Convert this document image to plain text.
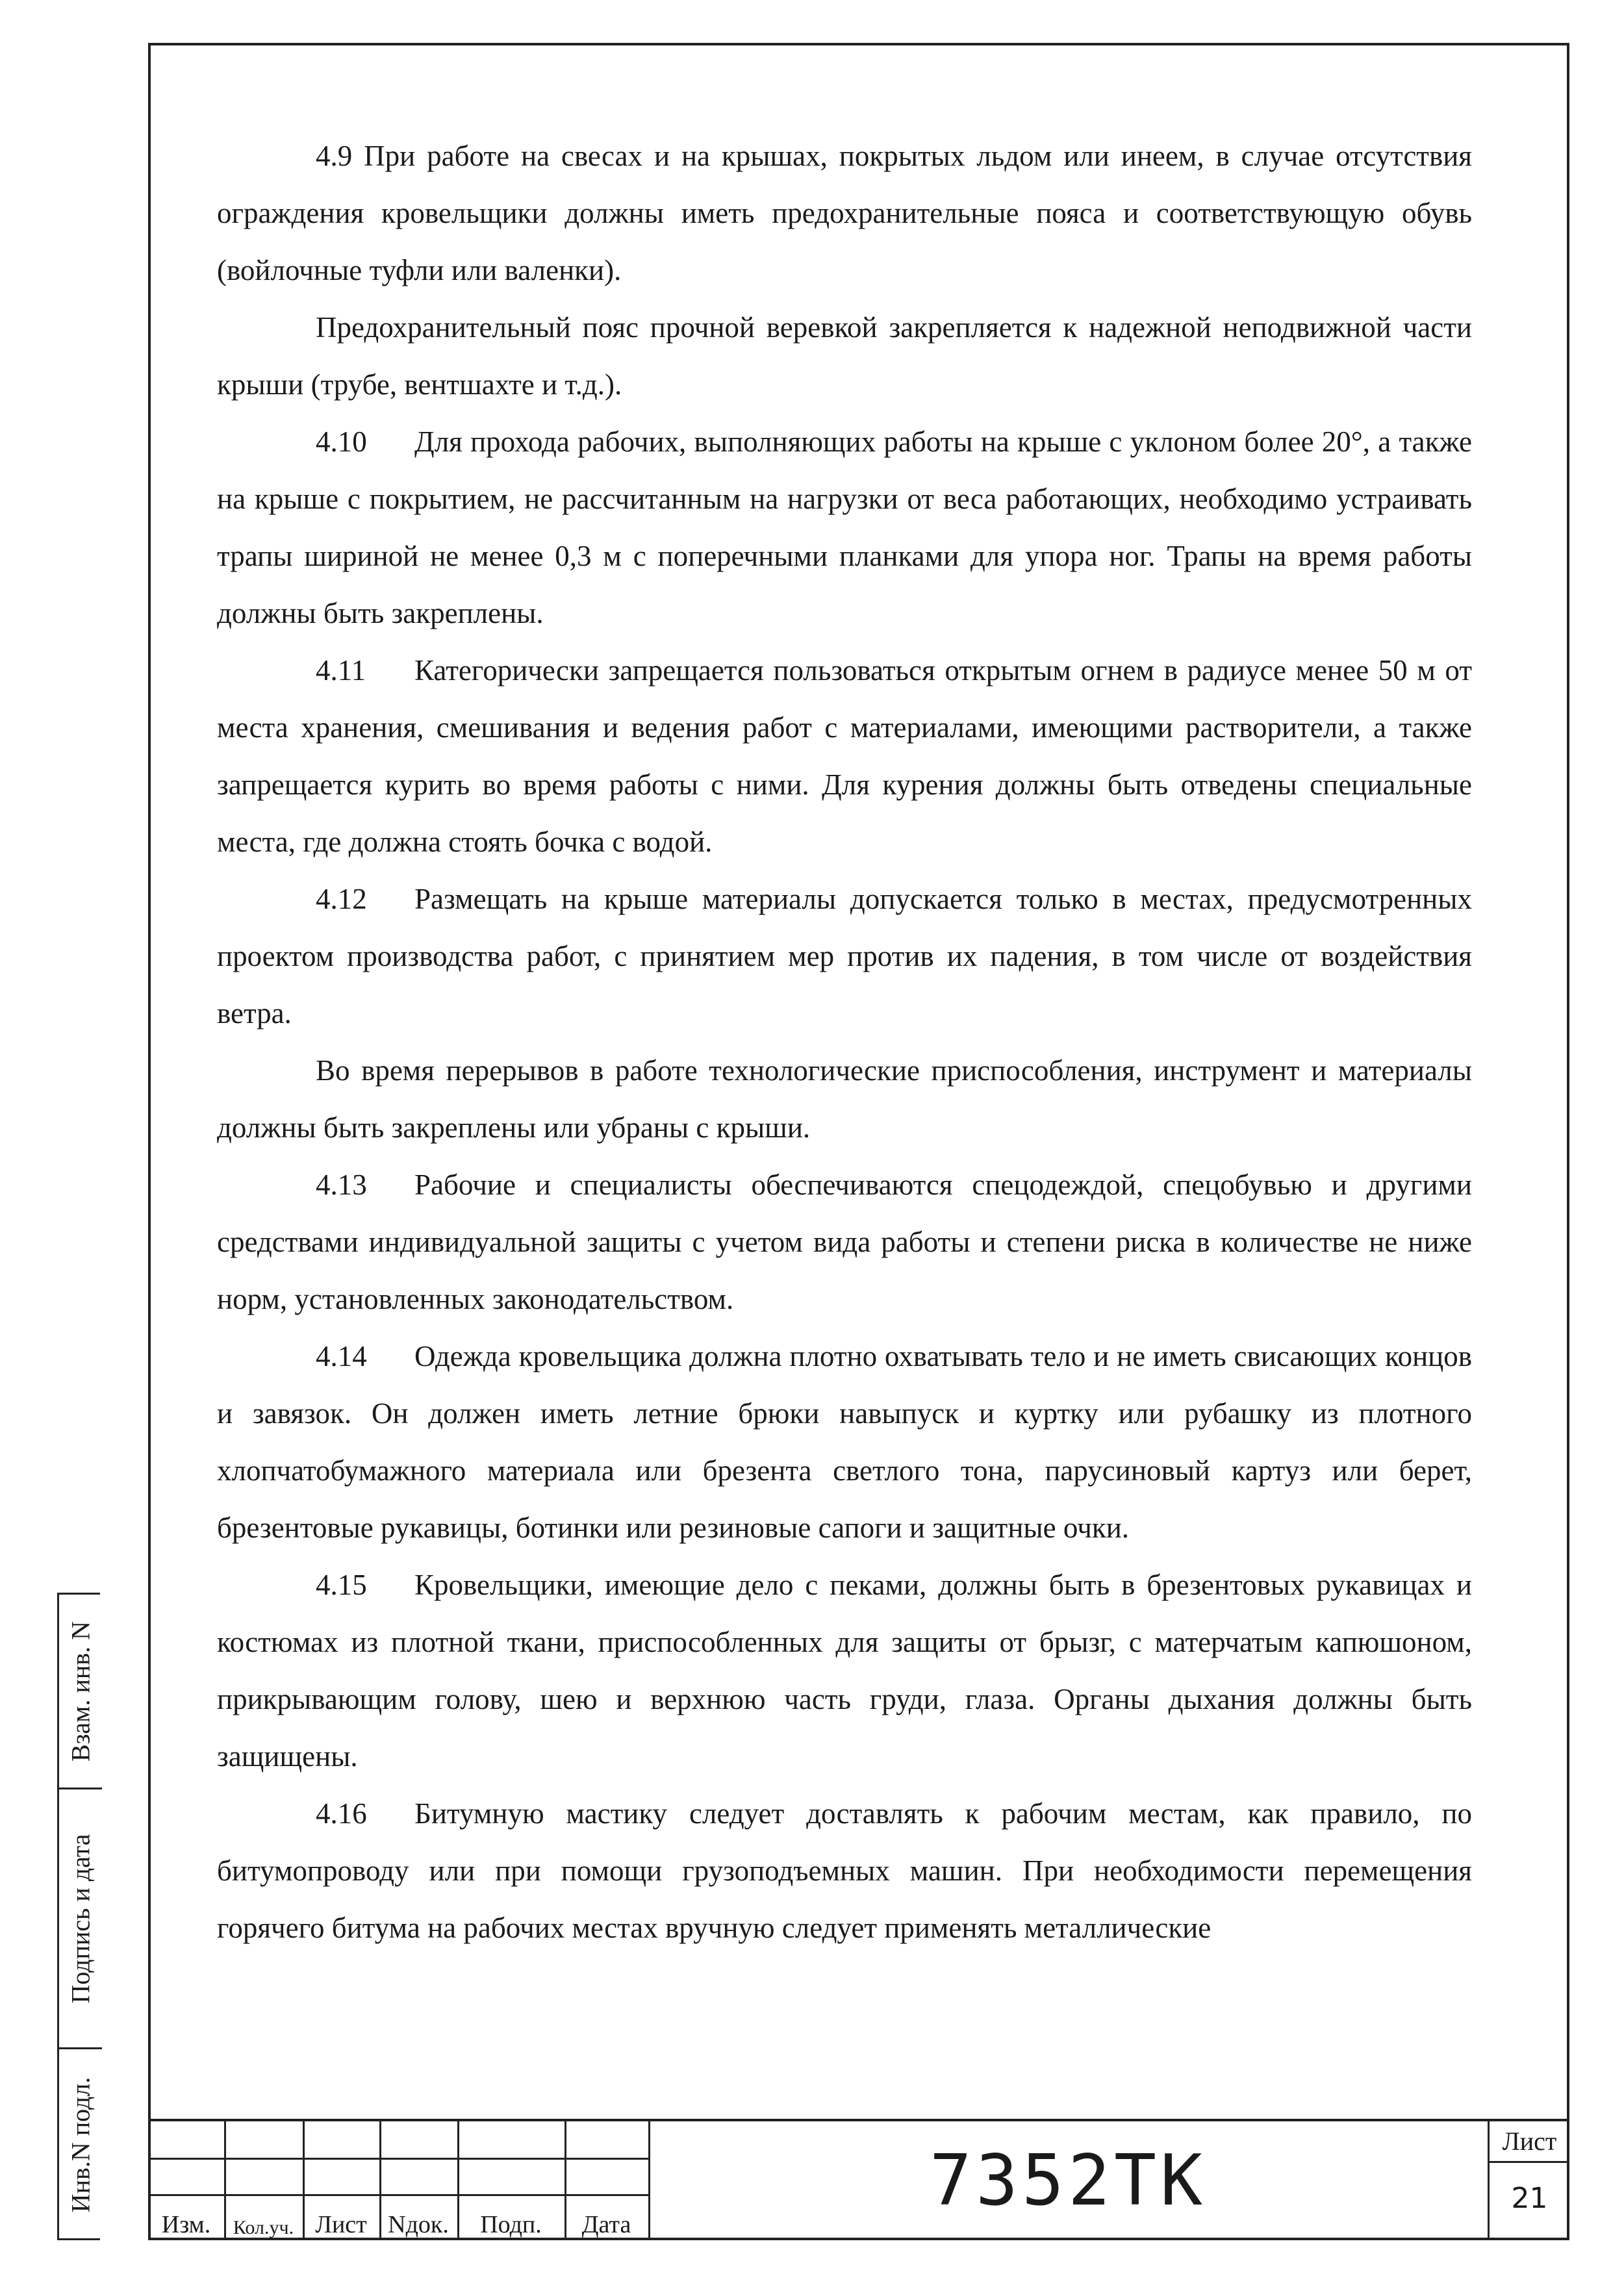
4.9 При работе на свесах и на крышах, покрытых льдом или инеем, в случае отсутствия ограждения кровельщики должны иметь предохранительные пояса и соответствующую обувь (войлочные туфли или валенки).

Предохранительный пояс прочной веревкой закрепляется к надежной неподвижной части крыши (трубе, вентшахте и т.д.).

4.10 Для прохода рабочих, выполняющих работы на крыше с уклоном более 20°, а также на крыше с покрытием, не рассчитанным на нагрузки от веса работающих, необходимо устраивать трапы шириной не менее 0,3 м с поперечными планками для упора ног. Трапы на время работы должны быть закреплены.

4.11 Категорически запрещается пользоваться открытым огнем в радиусе менее 50 м от места хранения, смешивания и ведения работ с материалами, имеющими растворители, а также запрещается курить во время работы с ними. Для курения должны быть отведены специальные места, где должна стоять бочка с водой.

4.12 Размещать на крыше материалы допускается только в местах, предусмотренных проектом производства работ, с принятием мер против их падения, в том числе от воздействия ветра.

Во время перерывов в работе технологические приспособления, инструмент и материалы должны быть закреплены или убраны с крыши.

4.13 Рабочие и специалисты обеспечиваются спецодеждой, спецобувью и другими средствами индивидуальной защиты с учетом вида работы и степени риска в количестве не ниже норм, установленных законодательством.

4.14 Одежда кровельщика должна плотно охватывать тело и не иметь свисающих концов и завязок. Он должен иметь летние брюки навыпуск и куртку или рубашку из плотного хлопчатобумажного материала или брезента светлого тона, парусиновый картуз или берет, брезентовые рукавицы, ботинки или резиновые сапоги и защитные очки.

4.15 Кровельщики, имеющие дело с пеками, должны быть в брезентовых рукавицах и костюмах из плотной ткани, приспособленных для защиты от брызг, с матерчатым капюшоном, прикрывающим голову, шею и верхнюю часть груди, глаза. Органы дыхания должны быть защищены.

4.16 Битумную мастику следует доставлять к рабочим местам, как правило, по битумопроводу или при помощи грузоподъемных машин. При необходимости перемещения горячего битума на рабочих местах вручную следует применять металлические

Взам. инв. N
Подпись и дата
Инв.N подл.
Изм.	Кол.уч. Лист Nдок.	Подп.	Дата
7352ТК	Лист
21
